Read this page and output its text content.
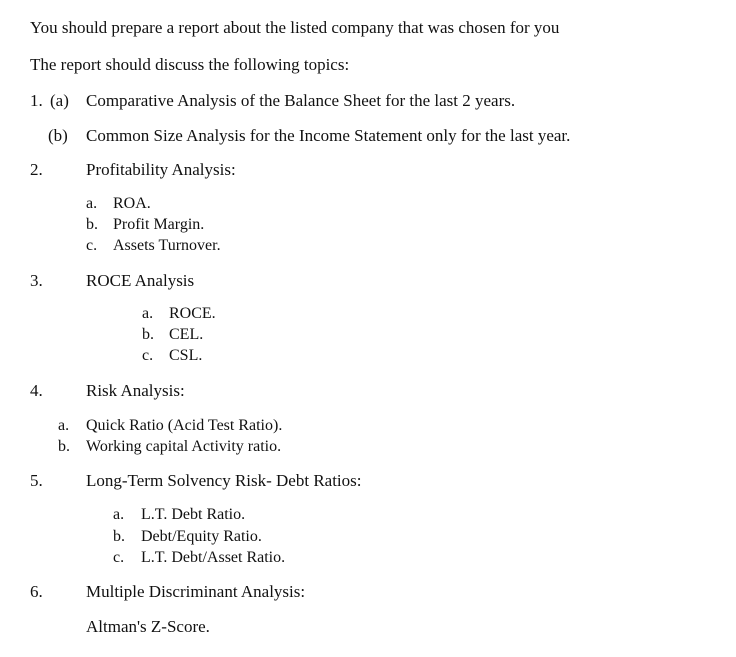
You should prepare a report about the listed company that was chosen for you
The report should discuss the following topics:
1. (a) Comparative Analysis of the Balance Sheet for the last 2 years.
(b) Common Size Analysis for the Income Statement only for the last year.
2.	Profitability Analysis:
a. ROA.
b. Profit Margin.
c. Assets Turnover.
3.	ROCE Analysis
a. ROCE.
b. CEL.
c. CSL.
4.	Risk Analysis:
a. Quick Ratio (Acid Test Ratio).
b. Working capital Activity ratio.
5.	Long-Term Solvency Risk- Debt Ratios:
a. L.T. Debt Ratio.
b. Debt/Equity Ratio.
c. L.T. Debt/Asset Ratio.
6.	Multiple Discriminant Analysis:
Altman's Z-Score.
